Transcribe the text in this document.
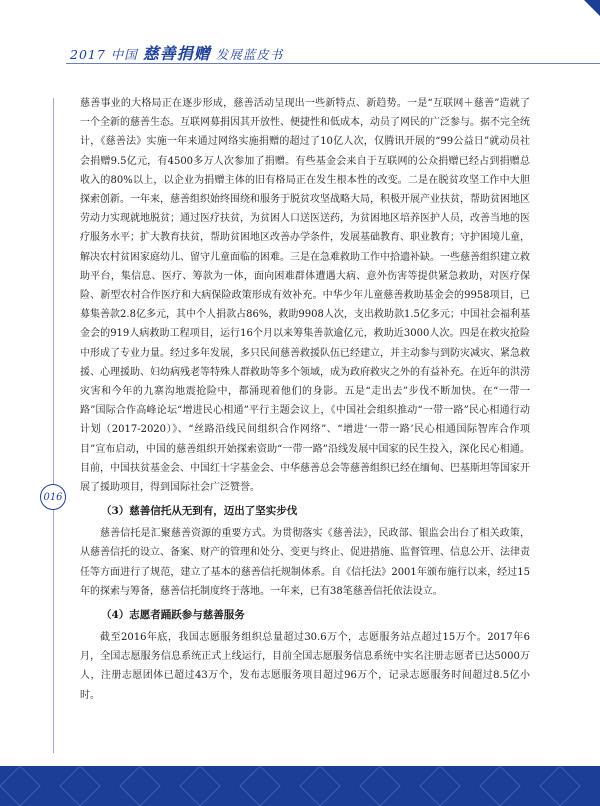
2017 中国 慈善捐赠 发展蓝皮书
016

慈善事业的大格局正在逐步形成，慈善活动呈现出一些新特点、新趋势。一是“互联网＋慈善”造就了一个全新的慈善生态。互联网募捐因其开放性、便捷性和低成本，动员了网民的广泛参与。据不完全统计，《慈善法》实施一年来通过网络实施捐赠的超过了10亿人次，仅腾讯开展的“99公益日”就动员社会捐赠9.5亿元，有4500多万人次参加了捐赠。有些基金会来自于互联网的公众捐赠已经占到捐赠总收入的80%以上，以企业为捐赠主体的旧有格局正在发生根本性的改变。二是在脱贫攻坚工作中大胆探索创新。一年来，慈善组织始终围绕和服务于脱贫攻坚战略大局，积极开展产业扶贫，帮助贫困地区劳动力实现就地脱贫；通过医疗扶贫，为贫困人口送医送药，为贫困地区培养医护人员，改善当地的医疗服务水平；扩大教育扶贫，帮助贫困地区改善办学条件，发展基础教育、职业教育；守护困境儿童，解决农村贫困家庭幼儿、留守儿童面临的困难。三是在急难救助工作中拾遗补缺。一些慈善组织建立救助平台，集信息、医疗、筹款为一体，面向困难群体遭遇大病、意外伤害等提供紧急救助，对医疗保险、新型农村合作医疗和大病保险政策形成有效补充。中华少年儿童慈善救助基金会的9958项目，已募集善款2.8亿多元，其中个人捐款占86%，救助9908人次，支出救助款1.5亿多元；中国社会福利基金会的919人病救助工程项目，运行16个月以来筹集善款逾亿元，救助近3000人次。四是在救灾抢险中形成了专业力量。经过多年发展，多只民间慈善救援队伍已经建立，并主动参与到防灾减灾、紧急救援、心理援助、妇幼病残老等特殊人群救助等多个领域，成为政府救灾之外的有益补充。在近年的洪涝灾害和今年的九寨沟地震抢险中，都涌现着他们的身影。五是“走出去”步伐不断加快。在“一带一路”国际合作高峰论坛“增进民心相通”平行主题会议上，《中国社会组织推动“一带一路”民心相通行动计划（2017-2020）》、“丝路沿线民间组织合作网络”、“增进‘一带一路’民心相通国际智库合作项目”宣布启动，中国的慈善组织开始探索资助“一带一路”沿线发展中国家的民生投入，深化民心相通。目前，中国扶贫基金会、中国红十字基金会、中华慈善总会等慈善组织已经在缅甸、巴基斯坦等国家开展了援助项目，得到国际社会广泛赞誉。

（3）慈善信托从无到有，迈出了坚实步伐

慈善信托是汇聚慈善资源的重要方式。为贯彻落实《慈善法》，民政部、银监会出台了相关政策，从慈善信托的设立、备案、财产的管理和处分、变更与终止、促进措施、监督管理、信息公开、法律责任等方面进行了规范，建立了基本的慈善信托规制体系。自《信托法》2001年颁布施行以来，经过15年的探索与筹备，慈善信托制度终于落地。一年来，已有38笔慈善信托依法设立。

（4）志愿者踊跃参与慈善服务

截至2016年底，我国志愿服务组织总量超过30.6万个，志愿服务站点超过15万个。2017年6月，全国志愿服务信息系统正式上线运行，目前全国志愿服务信息系统中实名注册志愿者已达5000万人，注册志愿团体已超过43万个，发布志愿服务项目超过96万个，记录志愿服务时间超过8.5亿小时。
